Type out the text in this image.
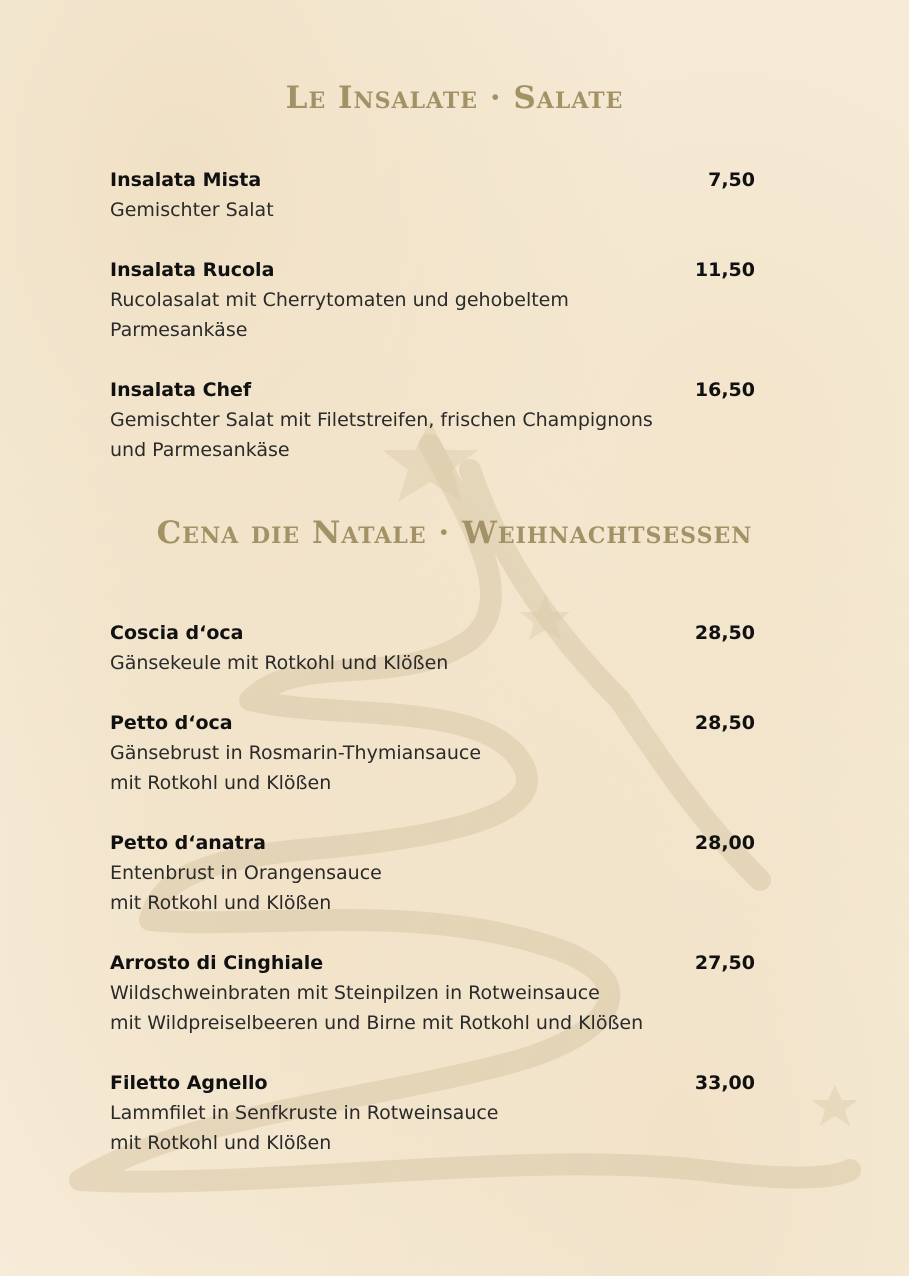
Le Insalate · Salate
Insalata Mista	7,50
Gemischter Salat
Insalata Rucola	11,50
Rucolasalat mit Cherrytomaten und gehobeltem
Parmesankäse
Insalata Chef	16,50
Gemischter Salat mit Filetstreifen, frischen Champignons
und Parmesankäse
Cena die Natale · Weihnachtsessen
Coscia d‘oca	28,50
Gänsekeule mit Rotkohl und Klößen
Petto d‘oca	28,50
Gänsebrust in Rosmarin-Thymiansauce
mit Rotkohl und Klößen
Petto d‘anatra	28,00
Entenbrust in Orangensauce
mit Rotkohl und Klößen
Arrosto di Cinghiale	27,50
Wildschweinbraten mit Steinpilzen in Rotweinsauce
mit Wildpreiselbeeren und Birne mit Rotkohl und Klößen
Filetto Agnello	33,00
Lammfilet in Senfkruste in Rotweinsauce
mit Rotkohl und Klößen
